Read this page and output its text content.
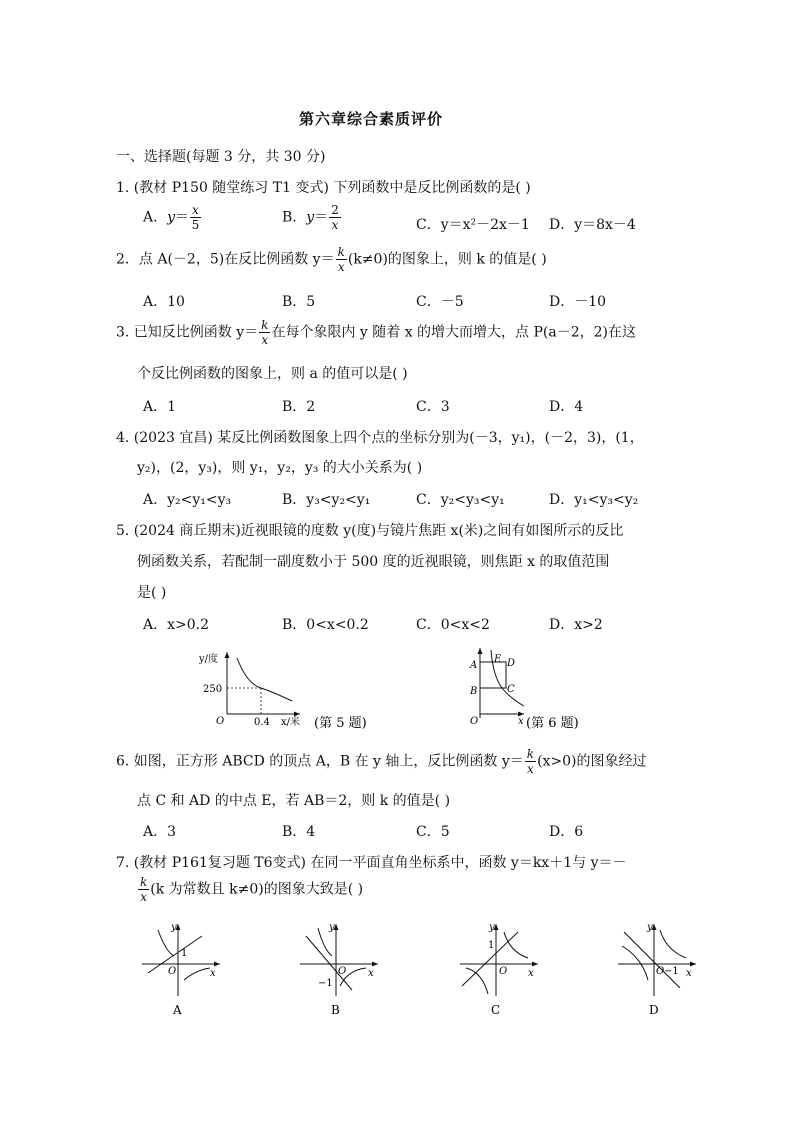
第六章综合素质评价
一、选择题(每题 3 分，共 30 分)
1. (教材 P150 随堂练习 T1 变式) 下列函数中是反比例函数的是( )
A．$y= \frac{x}{5}$	B．$y= \frac{2}{x}$	C．y＝x²－2x－1 D．y＝8x－4
2．点 A(－2，5)在反比例函数 $y= \frac{k}{x} (k\ne 0)$的图象上，则 k 的值是( )
A．10	B．5	C．－5	D．－10
3. 已知反比例函数 $y= \frac{k}{x}$ 在每个象限内 y 随着 x 的增大而增大，点 P(a－2，2)在这
个反比例函数的图象上，则 a 的值可以是( )
A．1	B．2	C．3	D．4
4. (2023 宜昌) 某反比例函数图象上四个点的坐标分别为(－3，y₁)，(－2，3)，(1，
y₂)，(2，y₃)，则 y₁，y₂，y₃ 的大小关系为( )
A．y₂<y₁<y₃	B．y₃<y₂<y₁	C．y₂<y₃<y₁	D．y₁<y₃<y₂
5. (2024 商丘期末)近视眼镜的度数 y(度)与镜片焦距 x(米)之间有如图所示的反比
例函数关系，若配制一副度数小于 500 度的近视眼镜，则焦距 x 的取值范围
是( )
A．x>0.2	B．0<x<0.2	C．0<x<2	D．x>2
y/度
250
0.4
O	x/米 (第 5 题)
A
B
E D
C
O	x (第 6 题)
6. 如图，正方形 ABCD 的顶点 A，B 在 y 轴上，反比例函数 $y= \frac{k}{x} (x>0)$的图象经过
点 C 和 AD 的中点 E，若 AB＝2，则 k 的值是( )
A．3	B．4	C．5	D．6
7. (教材 P161复习题 T6变式) 在同一平面直角坐标系中，函数 y＝kx＋1与 y＝－
$\frac{k}{x} (k$ 为常数且 k≠0)的图象大致是( )
y
x
O
1
A
y
x
O
−1
B
y
x
O
1
C
y
x
O −1
D
